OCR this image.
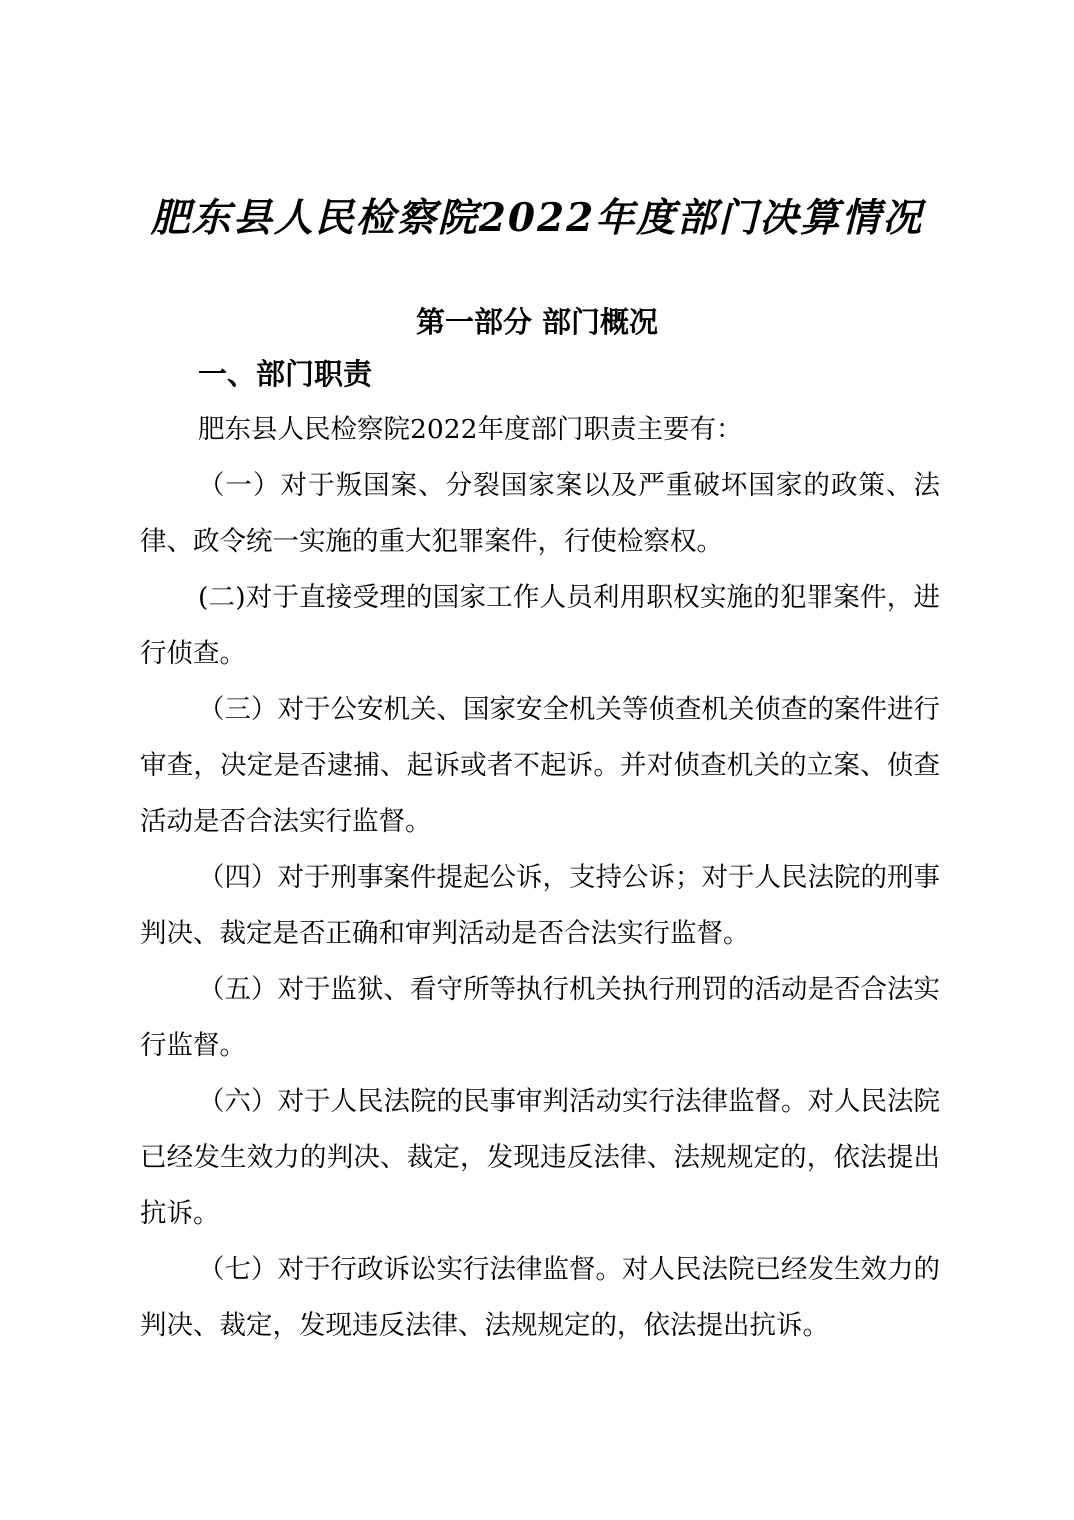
肥东县人民检察院2022年度部门决算情况
第一部分 部门概况
一、部门职责

肥东县人民检察院2022年度部门职责主要有：

（一）对于叛国案、分裂国家案以及严重破坏国家的政策、法律、政令统一实施的重大犯罪案件，行使检察权。

(二)对于直接受理的国家工作人员利用职权实施的犯罪案件，进行侦查。

（三）对于公安机关、国家安全机关等侦查机关侦查的案件进行审查，决定是否逮捕、起诉或者不起诉。并对侦查机关的立案、侦查活动是否合法实行监督。

（四）对于刑事案件提起公诉，支持公诉；对于人民法院的刑事判决、裁定是否正确和审判活动是否合法实行监督。

（五）对于监狱、看守所等执行机关执行刑罚的活动是否合法实行监督。

（六）对于人民法院的民事审判活动实行法律监督。对人民法院已经发生效力的判决、裁定，发现违反法律、法规规定的，依法提出抗诉。

（七）对于行政诉讼实行法律监督。对人民法院已经发生效力的判决、裁定，发现违反法律、法规规定的，依法提出抗诉。
